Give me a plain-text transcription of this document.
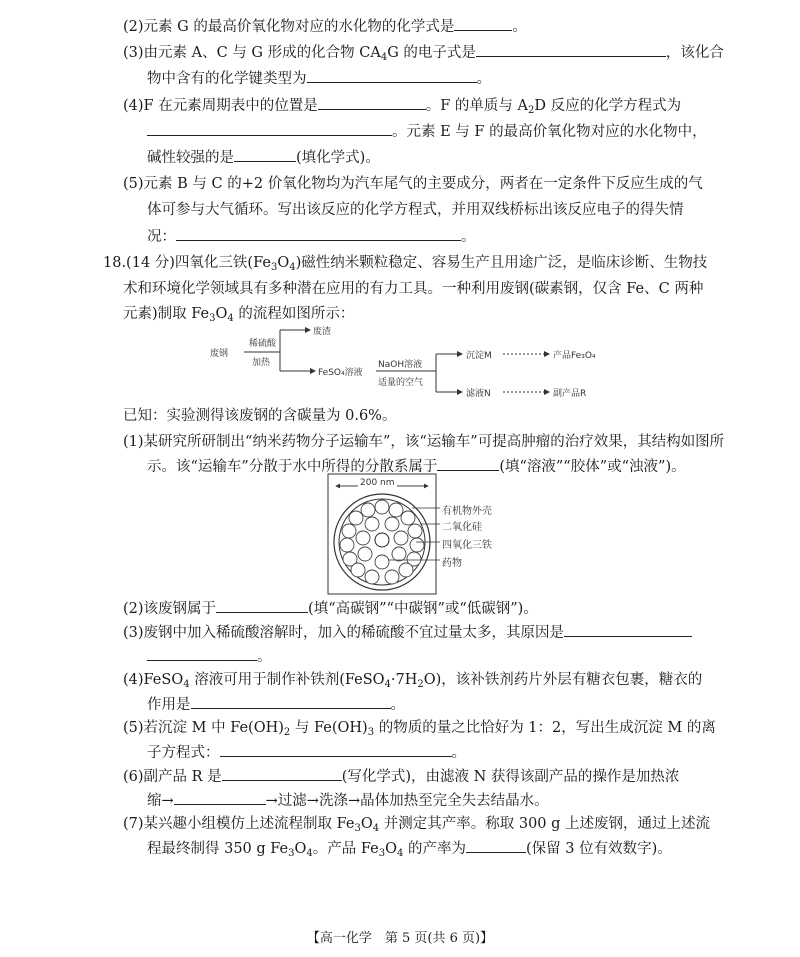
(2)元素 G 的最高价氧化物对应的水化物的化学式是	。
(3)由元素 A、C 与 G 形成的化合物 $CA_4G$ 的电子式是	，该化合
物中含有的化学键类型为	。
(4)F 在元素周期表中的位置是	。F 的单质与 $A_2D$ 反应的化学方程式为
。元素 E 与 F 的最高价氧化物对应的水化物中，
碱性较强的是	(填化学式)。
(5)元素 B 与 C 的+2 价氧化物均为汽车尾气的主要成分，两者在一定条件下反应生成的气
体可参与大气循环。写出该反应的化学方程式，并用双线桥标出该反应电子的得失情
况：	。
18.(14 分)四氧化三铁$(Fe_3O_4)$磁性纳米颗粒稳定、容易生产且用途广泛，是临床诊断、生物技
术和环境化学领域具有多种潜在应用的有力工具。一种利用废钢(碳素钢，仅含 Fe、C 两种
元素)制取 $Fe_3O_4$ 的流程如图所示：
废钢
稀硫酸
加热
废渣
FeSO₄溶液
NaOH溶液
适量的空气
沉淀M	产品Fe₃O₄
滤液N	副产品R
已知：实验测得该废钢的含碳量为 0.6%。
(1)某研究所研制出“纳米药物分子运输车”，该“运输车”可提高肿瘤的治疗效果，其结构如图所
示。该“运输车”分散于水中所得的分散系属于	(填“溶液”“胶体”或“浊液”)。
200 nm
有机物外壳
二氧化硅
四氧化三铁
药物
(2)该废钢属于	(填“高碳钢”“中碳钢”或“低碳钢”)。
(3)废钢中加入稀硫酸溶解时，加入的稀硫酸不宜过量太多，其原因是
。
(4)FeSO$_4$ 溶液可用于制作补铁剂$(FeSO_4\cdot 7H_2O)$，该补铁剂药片外层有糖衣包裹，糖衣的
作用是	。
(5)若沉淀 M 中 $Fe(OH)_2$ 与 $Fe(OH)_3$ 的物质的量之比恰好为 1：2，写出生成沉淀 M 的离
子方程式：	。
(6)副产品 R 是	(写化学式)，由滤液 N 获得该副产品的操作是加热浓
缩→	→过滤→洗涤→晶体加热至完全失去结晶水。
(7)某兴趣小组模仿上述流程制取 $Fe_3O_4$ 并测定其产率。称取 300 g 上述废钢，通过上述流
程最终制得 350 g $Fe_3O_4$。产品 $Fe_3O_4$ 的产率为	(保留 3 位有效数字)。
【高一化学　第 5 页(共 6 页)】
